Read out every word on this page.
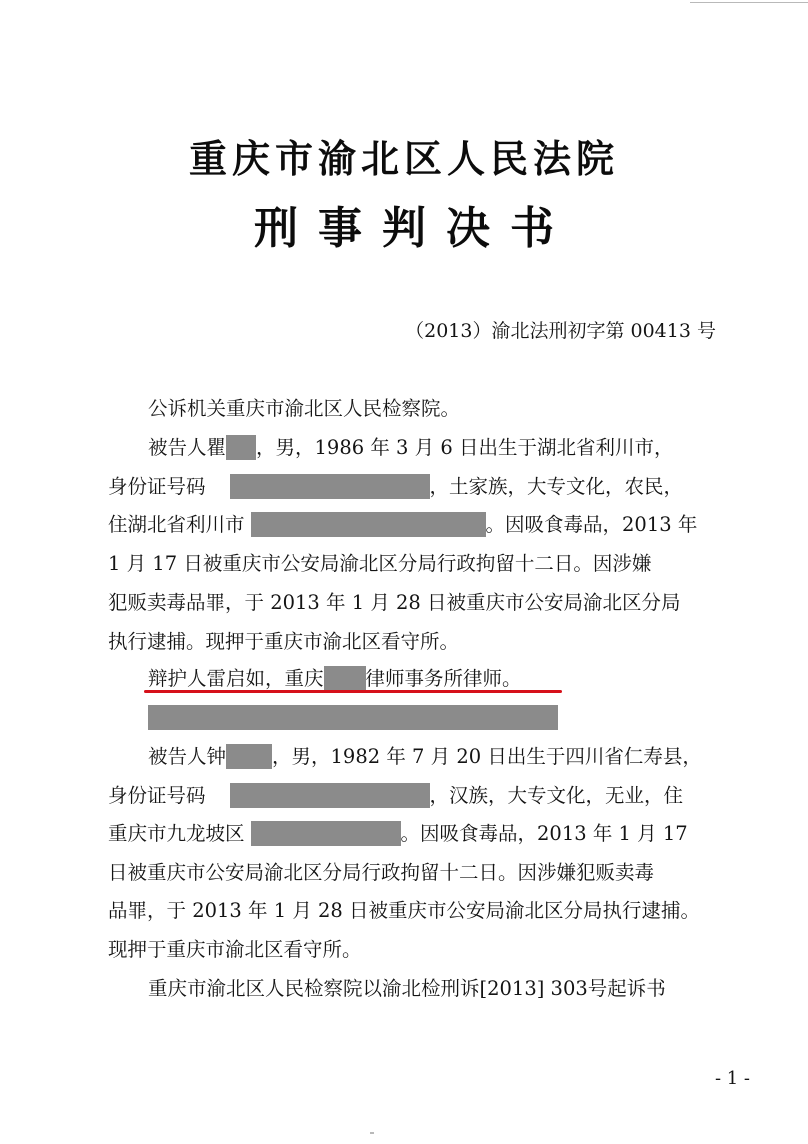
重庆市渝北区人民法院
刑事判决书
（2013）渝北法刑初字第 00413 号
公诉机关重庆市渝北区人民检察院。
被告人瞿 ，男，1986 年 3 月 6 日出生于湖北省利川市，
身份证号码	，土家族，大专文化，农民，
住湖北省利川市	。因吸食毒品，2013 年
1 月 17 日被重庆市公安局渝北区分局行政拘留十二日。因涉嫌
犯贩卖毒品罪，于 2013 年 1 月 28 日被重庆市公安局渝北区分局
执行逮捕。现押于重庆市渝北区看守所。
辩护人雷启如，重庆 律师事务所律师。
被告人钟 ，男，1982 年 7 月 20 日出生于四川省仁寿县，
身份证号码	，汉族，大专文化，无业，住
重庆市九龙坡区	。因吸食毒品，2013 年 1 月 17
日被重庆市公安局渝北区分局行政拘留十二日。因涉嫌犯贩卖毒
品罪，于 2013 年 1 月 28 日被重庆市公安局渝北区分局执行逮捕。
现押于重庆市渝北区看守所。
重庆市渝北区人民检察院以渝北检刑诉[2013] 303号起诉书
- 1 -
